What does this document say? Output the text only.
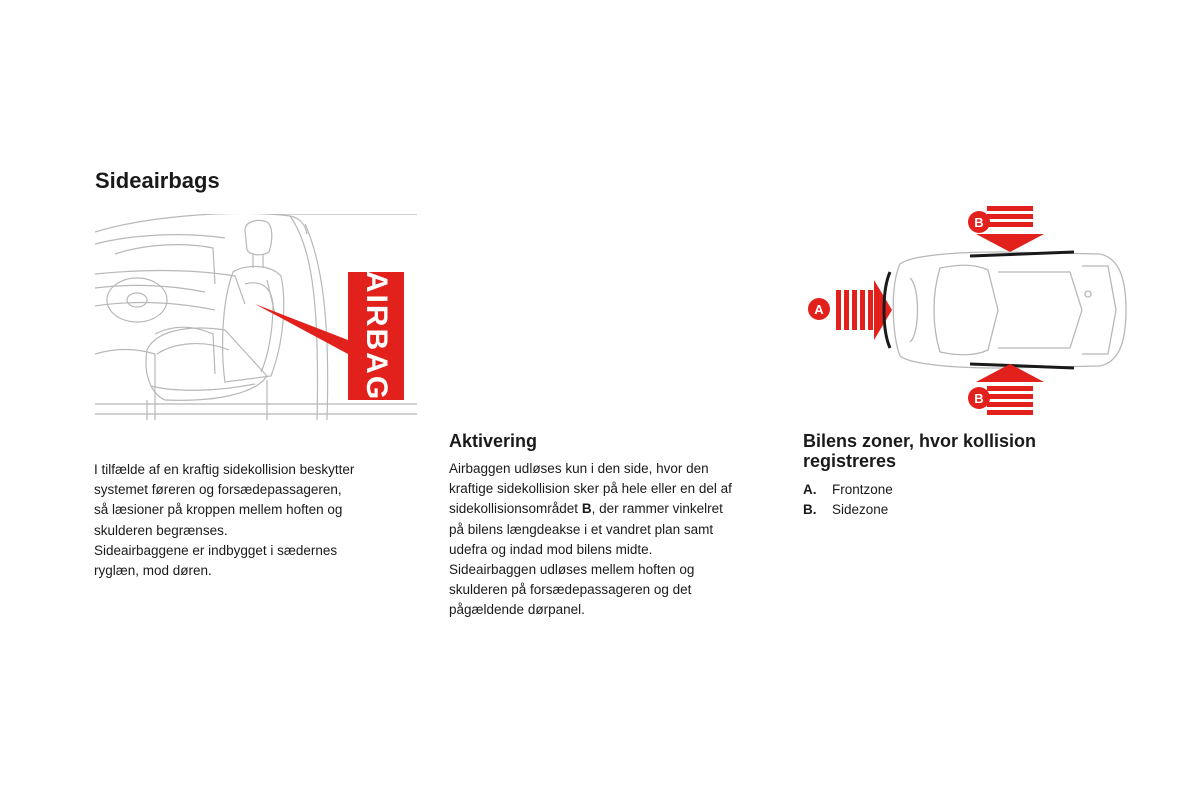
Sideairbags
AIRBAG
B
A
B

I tilfælde af en kraftig sidekollision beskytter

systemet føreren og forsædepassageren,

så læsioner på kroppen mellem hoften og

skulderen begrænses.

Sideairbaggene er indbygget i sædernes

ryglæn, mod døren.

Aktivering

Airbaggen udløses kun i den side, hvor den

kraftige sidekollision sker på hele eller en del af

sidekollisionsområdet B, der rammer vinkelret

på bilens længdeakse i et vandret plan samt

udefra og indad mod bilens midte.

Sideairbaggen udløses mellem hoften og

skulderen på forsædepassageren og det

pågældende dørpanel.

Bilens zoner, hvor kollision
registreres
A.	Frontzone
B.	Sidezone
